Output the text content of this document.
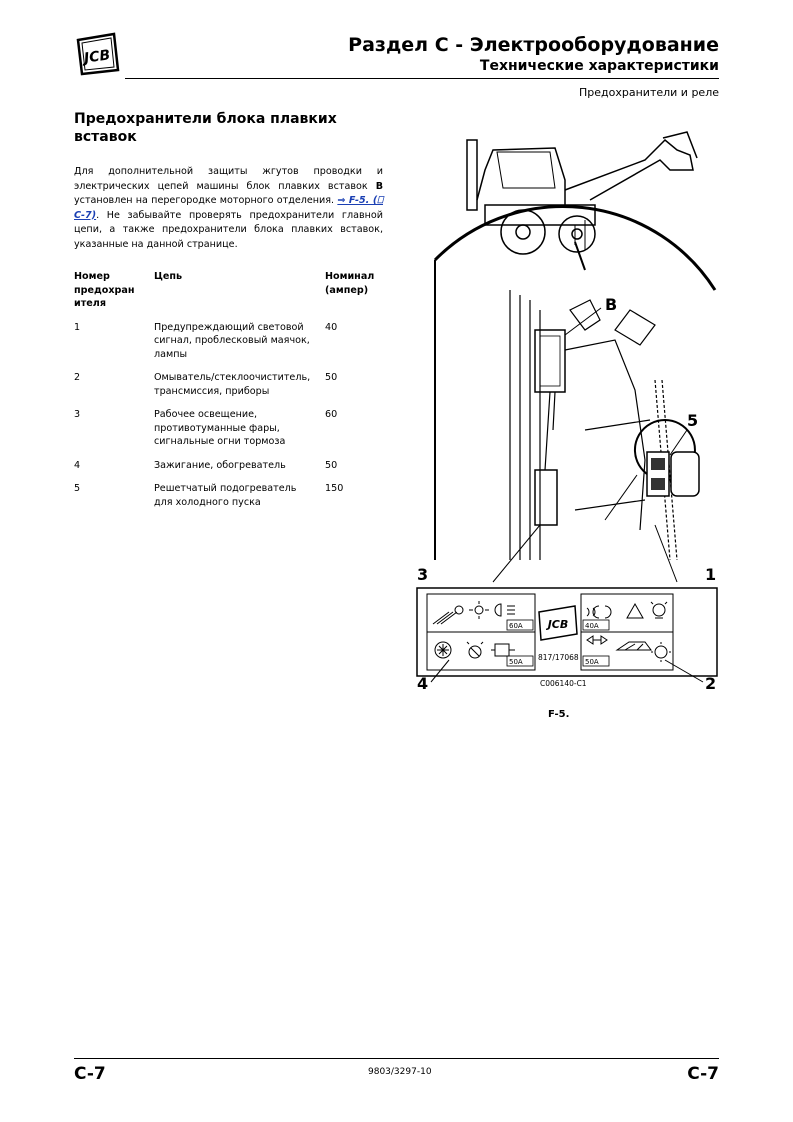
JCB
Раздел C - Электрооборудование
Технические характеристики
Предохранители и реле
Предохранители блока плавких вставок
Для дополнительной защиты жгутов проводки и электрических цепей машины блок плавких вставок B установлен на перегородке моторного отделения. ⇒ F-5. (⎕ C-7). Не забывайте проверять предохранители главной цепи, а также предохранители блока плавких вставок, указанные на данной странице.
Номер предохран ителя	Цепь	Номинал (ампер)
1	Предупреждающий световой сигнал, проблесковый маячок, лампы	40
2	Омыватель/стеклоочиститель, трансмиссия, приборы	50
3	Рабочее освещение, противотуманные фары, сигнальные огни тормоза	60
4	Зажигание, обогреватель	50
5	Решетчатый подогреватель для холодного пуска	150
B
5
3	1
60A
50A
40A
50A
JCB
817/17068
4	2
C006140-C1
F-5.
C-7	9803/3297-10	C-7
